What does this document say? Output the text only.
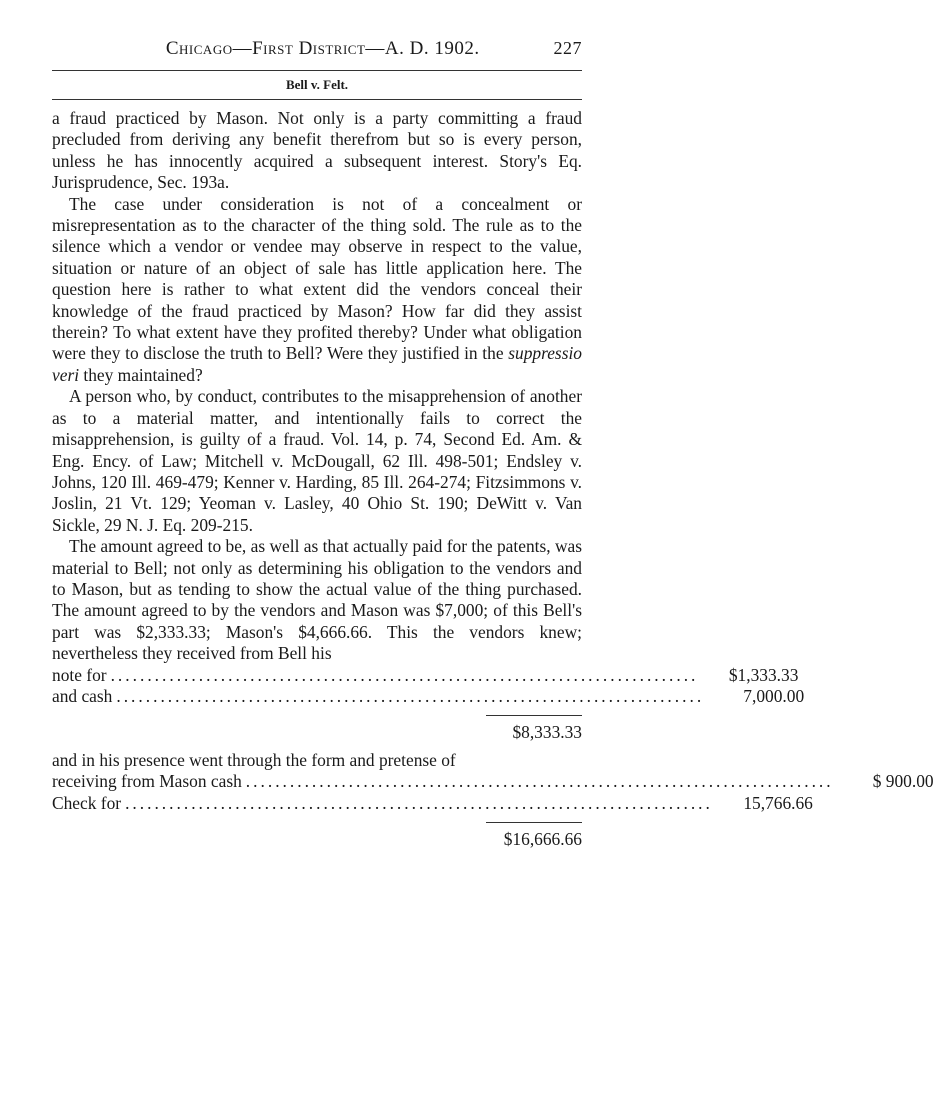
Chicago—First District—A. D. 1902.	227
Bell v. Felt.

a fraud practiced by Mason. Not only is a party committing a fraud precluded from deriving any benefit therefrom but so is every person, unless he has innocently acquired a subsequent interest. Story's Eq. Jurisprudence, Sec. 193a.

The case under consideration is not of a concealment or misrepresentation as to the character of the thing sold. The rule as to the silence which a vendor or vendee may observe in respect to the value, situation or nature of an object of sale has little application here. The question here is rather to what extent did the vendors conceal their knowledge of the fraud practiced by Mason? How far did they assist therein? To what extent have they profited thereby? Under what obligation were they to disclose the truth to Bell? Were they justified in the suppressio veri they maintained?

A person who, by conduct, contributes to the misapprehension of another as to a material matter, and intentionally fails to correct the misapprehension, is guilty of a fraud. Vol. 14, p. 74, Second Ed. Am. & Eng. Ency. of Law; Mitchell v. McDougall, 62 Ill. 498-501; Endsley v. Johns, 120 Ill. 469-479; Kenner v. Harding, 85 Ill. 264-274; Fitzsimmons v. Joslin, 21 Vt. 129; Yeoman v. Lasley, 40 Ohio St. 190; DeWitt v. Van Sickle, 29 N. J. Eq. 209-215.

The amount agreed to be, as well as that actually paid for the patents, was material to Bell; not only as determining his obligation to the vendors and to Mason, but as tending to show the actual value of the thing purchased. The amount agreed to by the vendors and Mason was $7,000; of this Bell's part was $2,333.33; Mason's $4,666.66. This the vendors knew; nevertheless they received from Bell his

note for ................................................................................	$1,333.33
and cash ................................................................................	7,000.00
$8,333.33

and in his presence went through the form and pretense of

receiving from Mason cash ................................................................................	$ 900.00
Check for ................................................................................	15,766.66
$16,666.66
